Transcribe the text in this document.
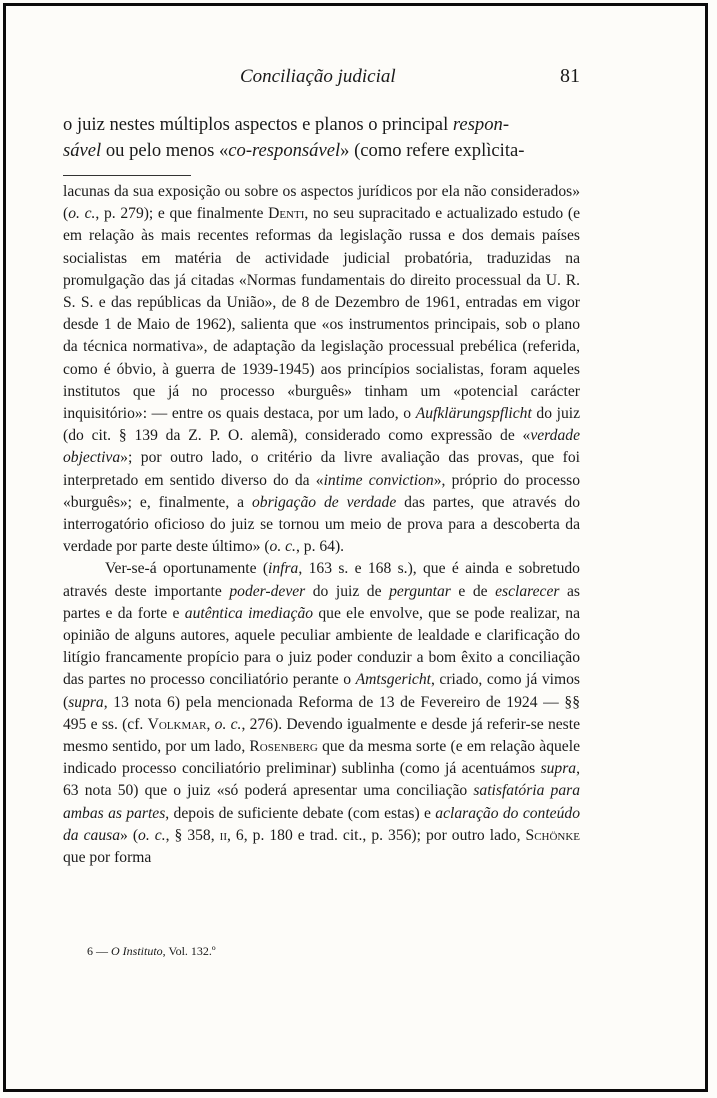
Conciliação judicial	81

o juiz nestes múltiplos aspectos e planos o principal respon-
sável ou pelo menos «co-responsável» (como refere explìcita-

lacunas da sua exposição ou sobre os aspectos jurídicos por ela não considerados» (o. c., p. 279); e que finalmente Denti, no seu supracitado e actualizado estudo (e em relação às mais recentes reformas da legislação russa e dos demais países socialistas em matéria de actividade judicial probatória, traduzidas na promulgação das já citadas «Normas fundamentais do direito processual da U. R. S. S. e das repúblicas da União», de 8 de Dezembro de 1961, entradas em vigor desde 1 de Maio de 1962), salienta que «os instrumentos principais, sob o plano da técnica normativa», de adaptação da legislação processual prebélica (referida, como é óbvio, à guerra de 1939-1945) aos princípios socialistas, foram aqueles institutos que já no processo «burguês» tinham um «potencial carácter inquisitório»: — entre os quais destaca, por um lado, o Aufklärungspflicht do juiz (do cit. § 139 da Z. P. O. alemã), considerado como expressão de «verdade objectiva»; por outro lado, o critério da livre avaliação das provas, que foi interpretado em sentido diverso do da «intime conviction», próprio do processo «burguês»; e, finalmente, a obrigação de verdade das partes, que através do interrogatório oficioso do juiz se tornou um meio de prova para a descoberta da verdade por parte deste último» (o. c., p. 64).

Ver-se-á oportunamente (infra, 163 s. e 168 s.), que é ainda e sobretudo através deste importante poder-dever do juiz de perguntar e de esclarecer as partes e da forte e autêntica imediação que ele envolve, que se pode realizar, na opinião de alguns autores, aquele peculiar ambiente de lealdade e clarificação do litígio francamente propício para o juiz poder conduzir a bom êxito a conciliação das partes no processo conciliatório perante o Amtsgericht, criado, como já vimos (supra, 13 nota 6) pela mencionada Reforma de 13 de Fevereiro de 1924 — §§ 495 e ss. (cf. Volkmar, o. c., 276). Devendo igualmente e desde já referir-se neste mesmo sentido, por um lado, Rosenberg que da mesma sorte (e em relação àquele indicado processo conciliatório preliminar) sublinha (como já acentuámos supra, 63 nota 50) que o juiz «só poderá apresentar uma conciliação satisfatória para ambas as partes, depois de suficiente debate (com estas) e aclaração do conteúdo da causa» (o. c., § 358, ii, 6, p. 180 e trad. cit., p. 356); por outro lado, Schönke que por forma

6 — O Instituto, Vol. 132.º
